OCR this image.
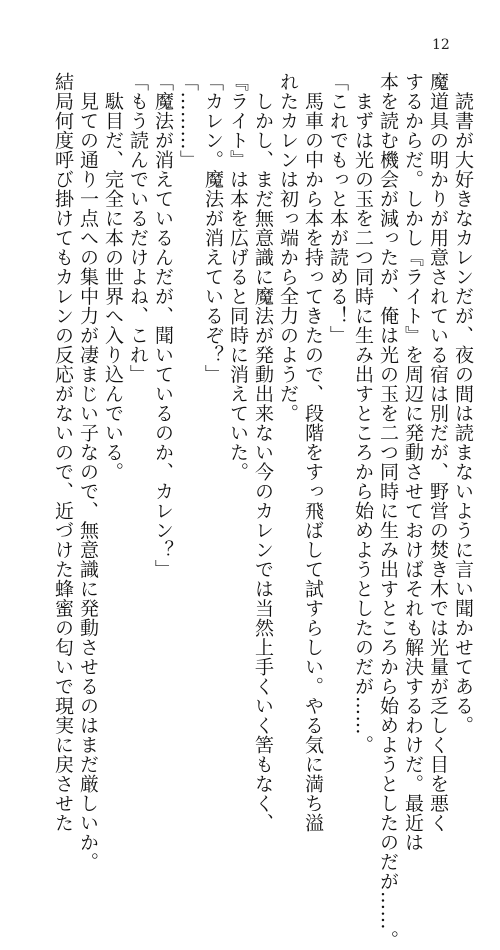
12
　読書が大好きなカレンだが、夜の間は読まないように言い聞かせてある。
魔道具の明かりが用意されている宿は別だが、野営の焚き木では光量が乏しく目を悪く
するからだ。しかし『ライト』を周辺に発動させておけばそれも解決するわけだ。最近は
本を読む機会が減ったが、俺は光の玉を二つ同時に生み出すところから始めようとしたのだが……。
　まずは光の玉を二つ同時に生み出すところから始めようとしたのだが……。
「これでもっと本が読める！」
　馬車の中から本を持ってきたので、段階をすっ飛ばして試すらしい。やる気に満ち溢
れたカレンは初っ端から全力のようだ。
　しかし、まだ無意識に魔法が発動出来ない今のカレンでは当然上手くいく筈もなく、
『ライト』は本を広げると同時に消えていた。
「カレン。魔法が消えているぞ？」
「………」
「魔法が消えているんだが、聞いているのか、カレン？」
「もう読んでいるだけよね、これ」
　駄目だ、完全に本の世界へ入り込んでいる。
　見ての通り一点への集中力が凄まじい子なので、無意識に発動させるのはまだ厳しいか。
結局何度呼び掛けてもカレンの反応がないので、近づけた蜂蜜の匂いで現実に戻させた
